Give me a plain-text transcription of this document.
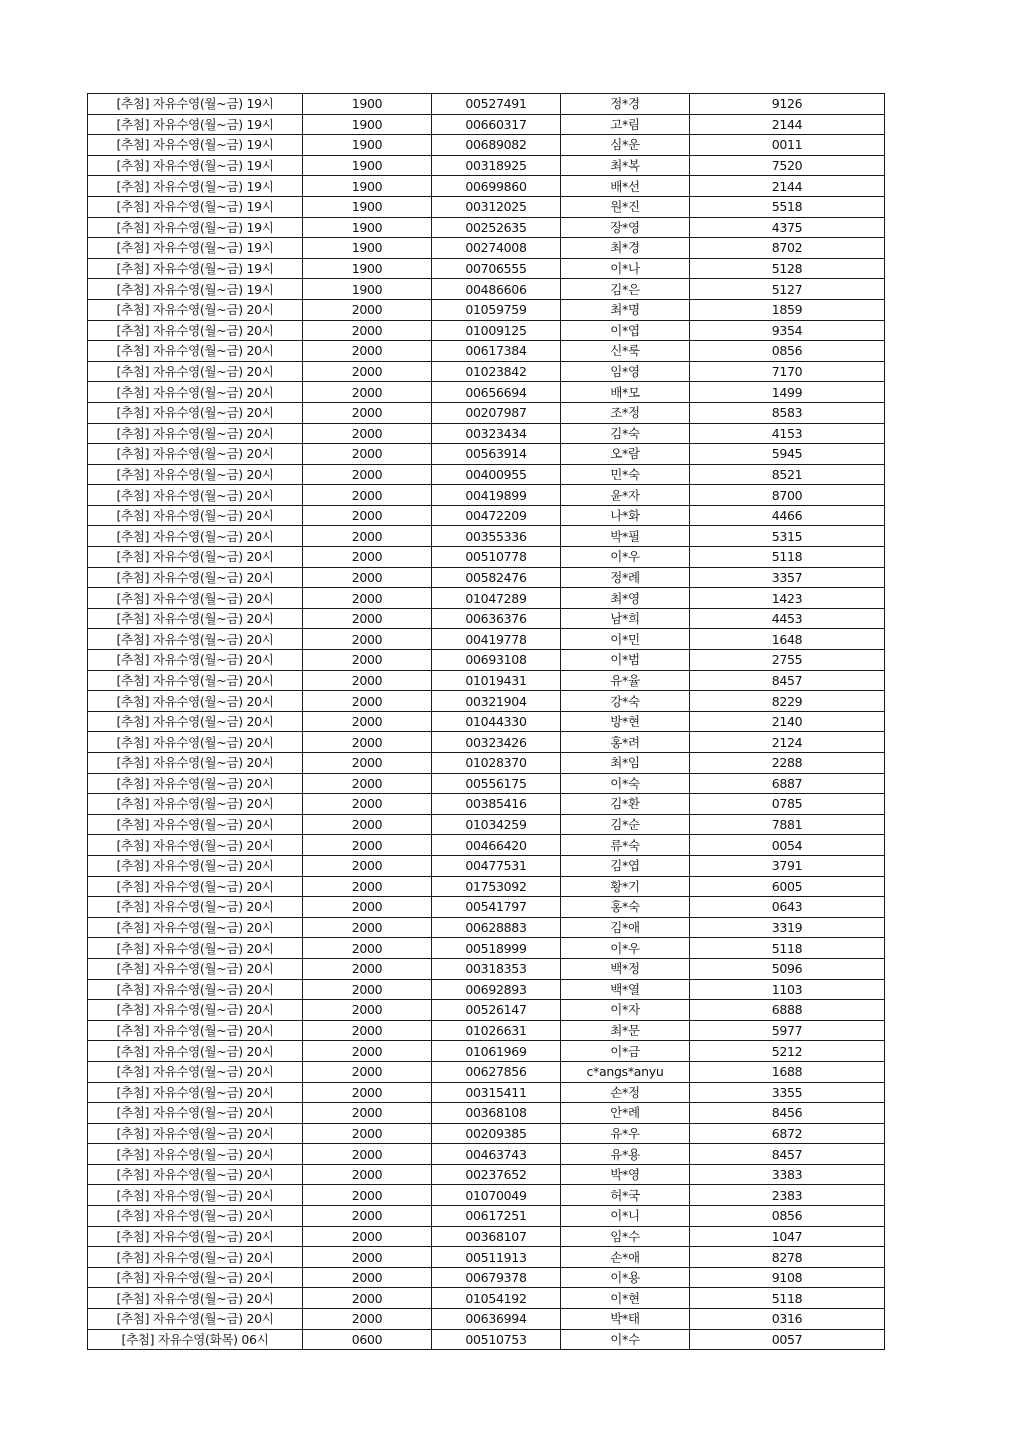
[추첨] 자유수영(월~금) 19시	1900	00527491	정*경	9126
[추첨] 자유수영(월~금) 19시	1900	00660317	고*림	2144
[추첨] 자유수영(월~금) 19시	1900	00689082	심*운	0011
[추첨] 자유수영(월~금) 19시	1900	00318925	최*복	7520
[추첨] 자유수영(월~금) 19시	1900	00699860	배*선	2144
[추첨] 자유수영(월~금) 19시	1900	00312025	원*진	5518
[추첨] 자유수영(월~금) 19시	1900	00252635	장*영	4375
[추첨] 자유수영(월~금) 19시	1900	00274008	최*경	8702
[추첨] 자유수영(월~금) 19시	1900	00706555	이*나	5128
[추첨] 자유수영(월~금) 19시	1900	00486606	김*은	5127
[추첨] 자유수영(월~금) 20시	2000	01059759	최*명	1859
[추첨] 자유수영(월~금) 20시	2000	01009125	이*엽	9354
[추첨] 자유수영(월~금) 20시	2000	00617384	신*룩	0856
[추첨] 자유수영(월~금) 20시	2000	01023842	임*영	7170
[추첨] 자유수영(월~금) 20시	2000	00656694	배*모	1499
[추첨] 자유수영(월~금) 20시	2000	00207987	조*정	8583
[추첨] 자유수영(월~금) 20시	2000	00323434	김*숙	4153
[추첨] 자유수영(월~금) 20시	2000	00563914	오*람	5945
[추첨] 자유수영(월~금) 20시	2000	00400955	민*숙	8521
[추첨] 자유수영(월~금) 20시	2000	00419899	윤*자	8700
[추첨] 자유수영(월~금) 20시	2000	00472209	나*화	4466
[추첨] 자유수영(월~금) 20시	2000	00355336	박*필	5315
[추첨] 자유수영(월~금) 20시	2000	00510778	이*우	5118
[추첨] 자유수영(월~금) 20시	2000	00582476	정*례	3357
[추첨] 자유수영(월~금) 20시	2000	01047289	최*영	1423
[추첨] 자유수영(월~금) 20시	2000	00636376	남*희	4453
[추첨] 자유수영(월~금) 20시	2000	00419778	이*민	1648
[추첨] 자유수영(월~금) 20시	2000	00693108	이*범	2755
[추첨] 자유수영(월~금) 20시	2000	01019431	유*율	8457
[추첨] 자유수영(월~금) 20시	2000	00321904	강*숙	8229
[추첨] 자유수영(월~금) 20시	2000	01044330	방*현	2140
[추첨] 자유수영(월~금) 20시	2000	00323426	홍*려	2124
[추첨] 자유수영(월~금) 20시	2000	01028370	최*임	2288
[추첨] 자유수영(월~금) 20시	2000	00556175	이*숙	6887
[추첨] 자유수영(월~금) 20시	2000	00385416	김*환	0785
[추첨] 자유수영(월~금) 20시	2000	01034259	김*순	7881
[추첨] 자유수영(월~금) 20시	2000	00466420	류*숙	0054
[추첨] 자유수영(월~금) 20시	2000	00477531	김*엽	3791
[추첨] 자유수영(월~금) 20시	2000	01753092	황*기	6005
[추첨] 자유수영(월~금) 20시	2000	00541797	홍*숙	0643
[추첨] 자유수영(월~금) 20시	2000	00628883	김*애	3319
[추첨] 자유수영(월~금) 20시	2000	00518999	이*우	5118
[추첨] 자유수영(월~금) 20시	2000	00318353	백*정	5096
[추첨] 자유수영(월~금) 20시	2000	00692893	백*열	1103
[추첨] 자유수영(월~금) 20시	2000	00526147	이*자	6888
[추첨] 자유수영(월~금) 20시	2000	01026631	최*문	5977
[추첨] 자유수영(월~금) 20시	2000	01061969	이*금	5212
[추첨] 자유수영(월~금) 20시	2000	00627856	c*angs*anyu	1688
[추첨] 자유수영(월~금) 20시	2000	00315411	손*정	3355
[추첨] 자유수영(월~금) 20시	2000	00368108	안*례	8456
[추첨] 자유수영(월~금) 20시	2000	00209385	유*우	6872
[추첨] 자유수영(월~금) 20시	2000	00463743	유*용	8457
[추첨] 자유수영(월~금) 20시	2000	00237652	박*영	3383
[추첨] 자유수영(월~금) 20시	2000	01070049	허*국	2383
[추첨] 자유수영(월~금) 20시	2000	00617251	이*니	0856
[추첨] 자유수영(월~금) 20시	2000	00368107	임*수	1047
[추첨] 자유수영(월~금) 20시	2000	00511913	손*애	8278
[추첨] 자유수영(월~금) 20시	2000	00679378	이*용	9108
[추첨] 자유수영(월~금) 20시	2000	01054192	이*현	5118
[추첨] 자유수영(월~금) 20시	2000	00636994	박*태	0316
[추첨] 자유수영(화목) 06시	0600	00510753	이*수	0057
